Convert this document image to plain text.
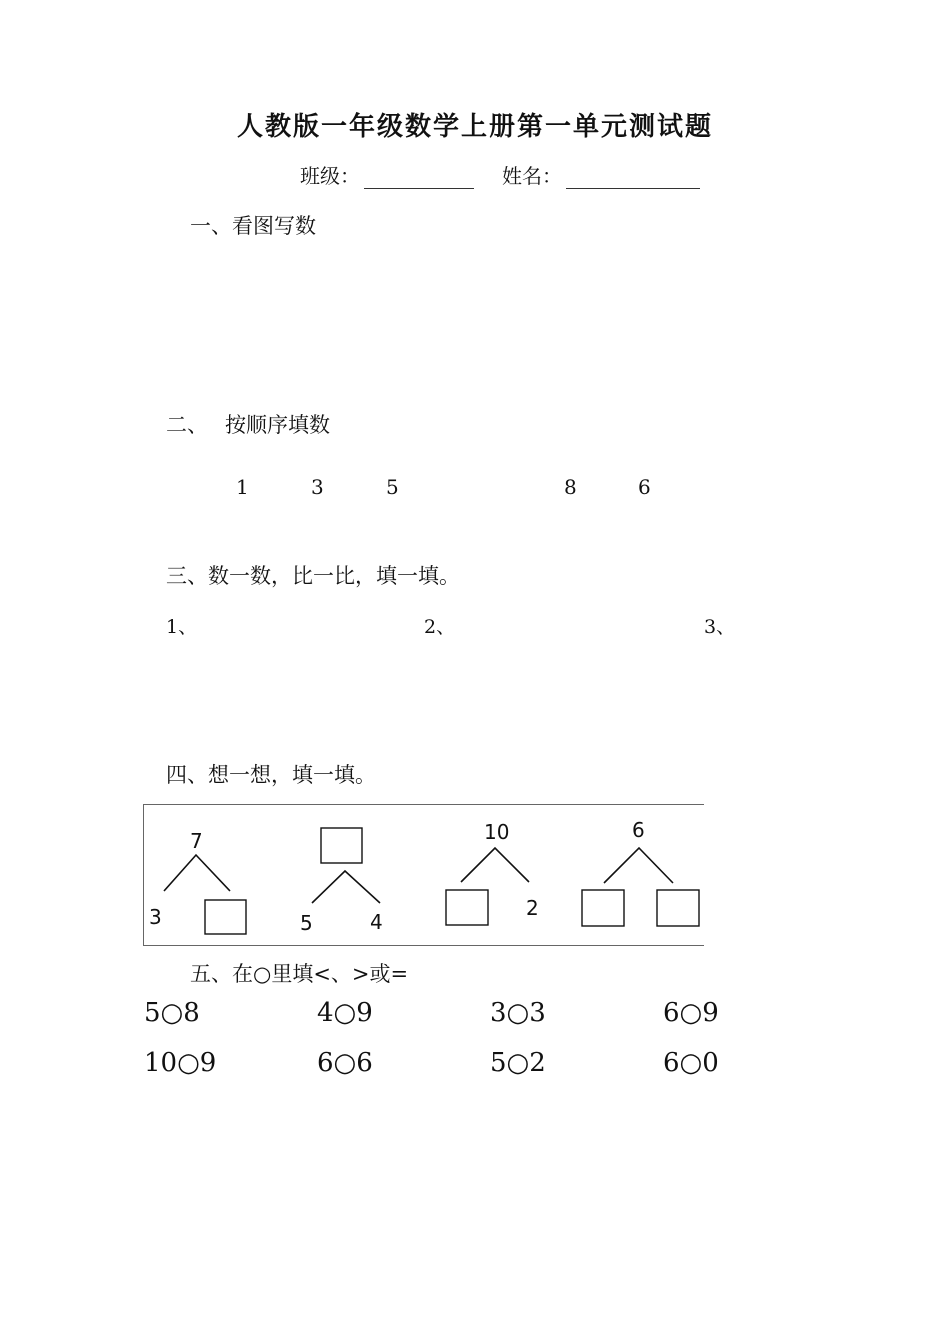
人教版一年级数学上册第一单元测试题
班级：	姓名：
一、看图写数
二、 按顺序填数
1	3	5	8	6
三、数一数，比一比，填一填。
1、	2、	3、
四、想一想，填一填。
7
3	5	4
10
2
6
五、在○里填<、>或=
5○8	4○9	3○3	6○9
10○9	6○6	5○2	6○0
